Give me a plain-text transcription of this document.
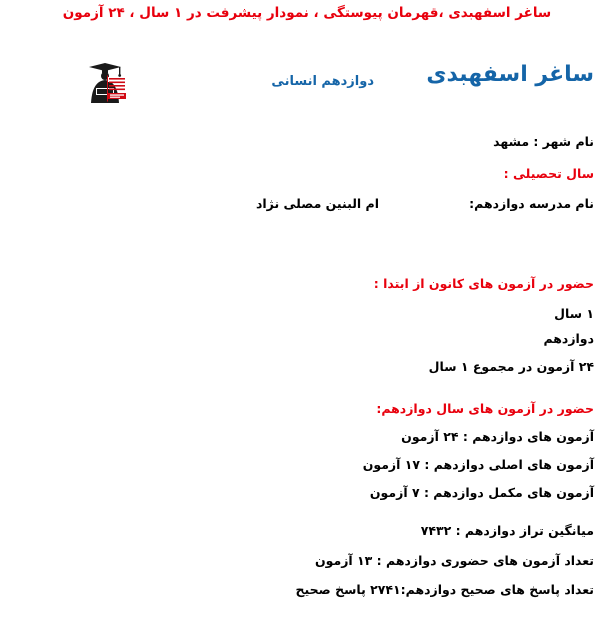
ساغر اسفهبدی ،قهرمان پیوستگی ، نمودار پیشرفت در ۱ سال ، ۲۴ آزمون
ساغر اسفهبدی
دوازدهم انسانی
نام شهر : مشهد
سال تحصیلی :
نام مدرسه دوازدهم:
ام البنین مصلی نژاد
حضور در آزمون های کانون از ابتدا :
۱ سال
دوازدهم
۲۴ آزمون در مجموع ۱ سال
حضور در آزمون های سال دوازدهم:
آزمون های دوازدهم : ۲۴ آزمون
آزمون های اصلی دوازدهم : ۱۷ آزمون
آزمون های مکمل دوازدهم : ۷ آزمون
میانگین تراز دوازدهم : ۷۴۳۲
تعداد آزمون های حضوری دوازدهم : ۱۳ آزمون
تعداد پاسخ های صحیح دوازدهم:۲۷۴۱ پاسخ صحیح
